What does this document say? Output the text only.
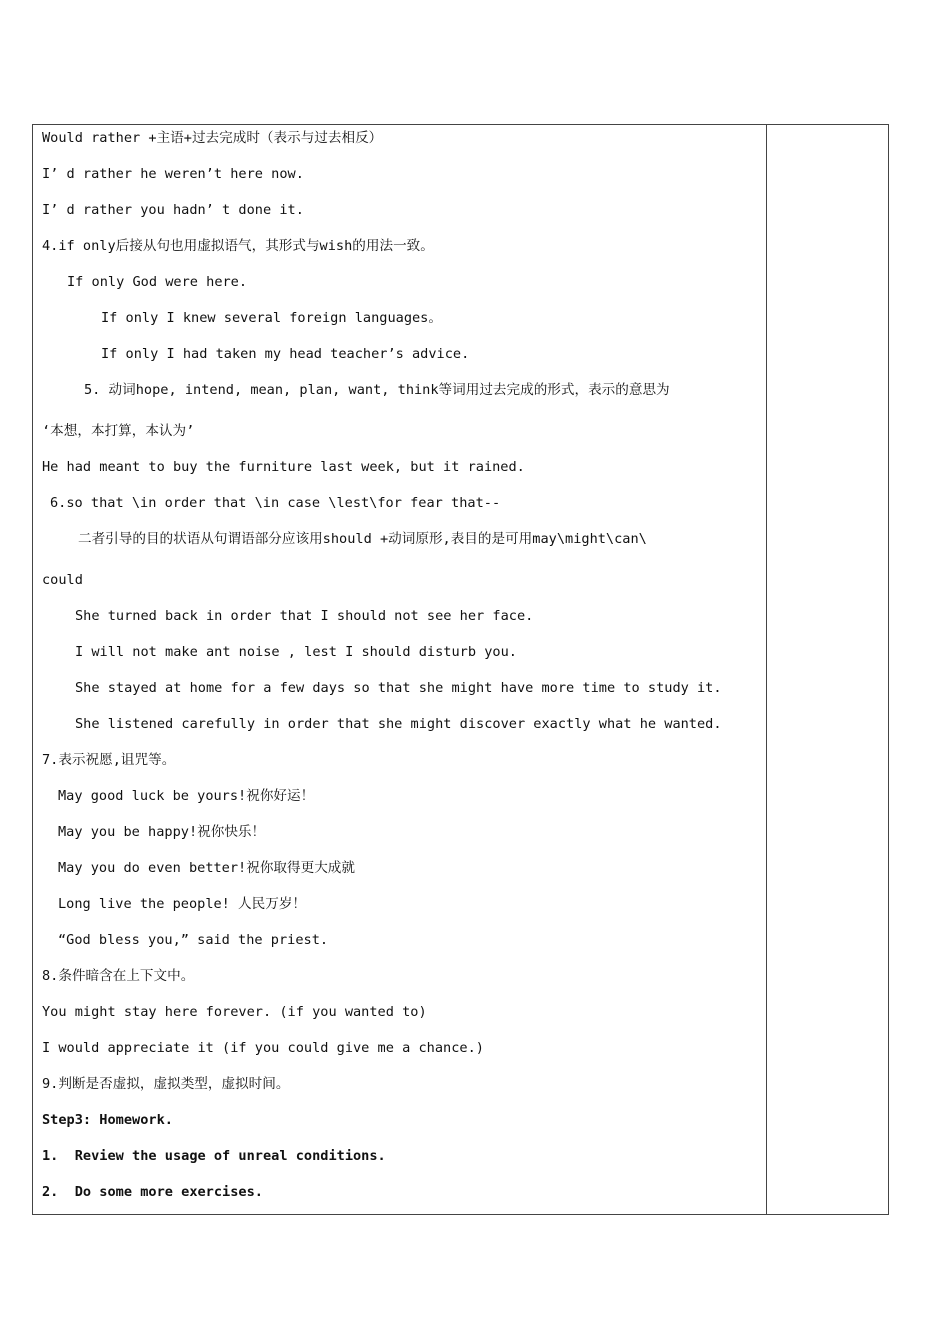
Would rather +主语+过去完成时（表示与过去相反）
I’ d rather he weren’t here now.
I’ d rather you hadn’ t done it.
4.if only后接从句也用虚拟语气，其形式与wish的用法一致。
If only God were here.
If only I knew several foreign languages。
If only I had taken my head teacher’s advice.
5. 动词hope, intend, mean, plan, want, think等词用过去完成的形式，表示的意思为
‘本想，本打算，本认为’
He had meant to buy the furniture last week, but it rained.
6.so that \in order that \in case \lest\for fear that--
二者引导的目的状语从句谓语部分应该用should +动词原形,表目的是可用may\might\can\
could
She turned back in order that I should not see her face.
I will not make ant noise , lest I should disturb you.
She stayed at home for a few days so that she might have more time to study it.
She listened carefully in order that she might discover exactly what he wanted.
7.表示祝愿,诅咒等。
May good luck be yours!祝你好运！
May you be happy!祝你快乐！
May you do even better!祝你取得更大成就
Long live the people! 人民万岁！
“God bless you,” said the priest.
8.条件暗含在上下文中。
You might stay here forever. (if you wanted to)
I would appreciate it (if you could give me a chance.)
9.判断是否虚拟，虚拟类型，虚拟时间。
Step3: Homework.
1.  Review the usage of unreal conditions.
2.  Do some more exercises.
